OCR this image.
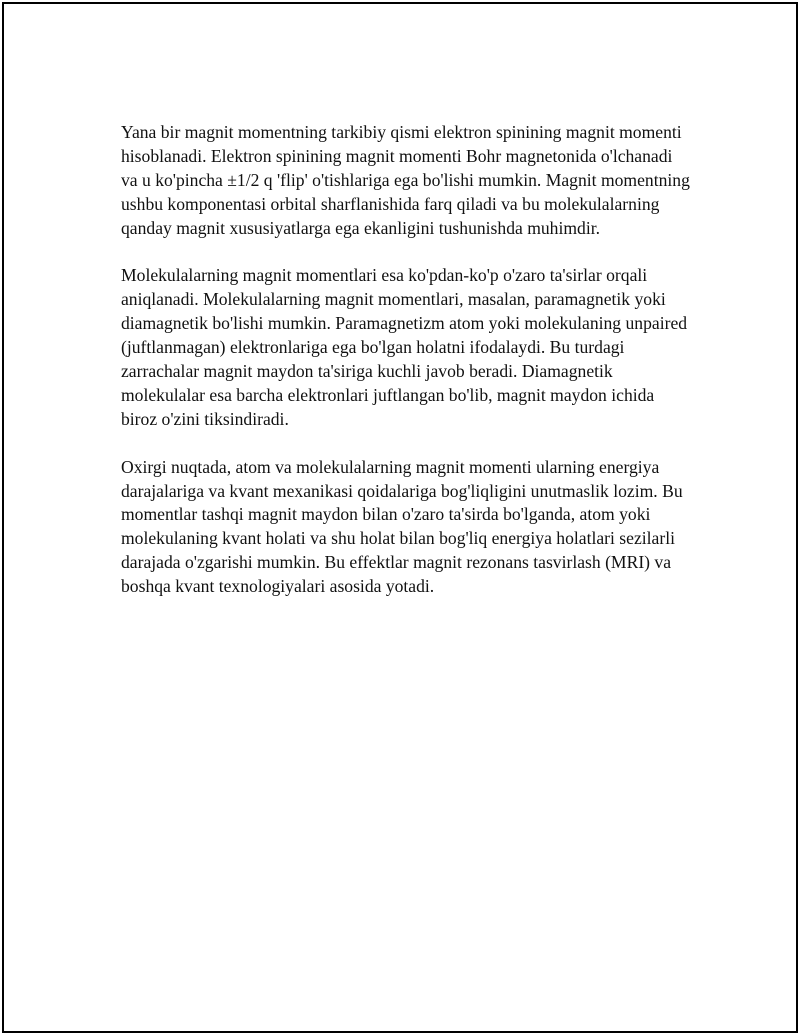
Yana bir magnit momentning tarkibiy qismi elektron spinining magnit momenti hisoblanadi. Elektron spinining magnit momenti Bohr magnetonida o'lchanadi va u ko'pincha ±1/2 q 'flip' o'tishlariga ega bo'lishi mumkin. Magnit momentning ushbu komponentasi orbital sharflanishida farq qiladi va bu molekulalarning qanday magnit xususiyatlarga ega ekanligini tushunishda muhimdir.

Molekulalarning magnit momentlari esa ko'pdan-ko'p o'zaro ta'sirlar orqali aniqlanadi. Molekulalarning magnit momentlari, masalan, paramagnetik yoki diamagnetik bo'lishi mumkin. Paramagnetizm atom yoki molekulaning unpaired (juftlanmagan) elektronlariga ega bo'lgan holatni ifodalaydi. Bu turdagi zarrachalar magnit maydon ta'siriga kuchli javob beradi. Diamagnetik molekulalar esa barcha elektronlari juftlangan bo'lib, magnit maydon ichida biroz o'zini tiksindiradi.

Oxirgi nuqtada, atom va molekulalarning magnit momenti ularning energiya darajalariga va kvant mexanikasi qoidalariga bog'liqligini unutmaslik lozim. Bu momentlar tashqi magnit maydon bilan o'zaro ta'sirda bo'lganda, atom yoki molekulaning kvant holati va shu holat bilan bog'liq energiya holatlari sezilarli darajada o'zgarishi mumkin. Bu effektlar magnit rezonans tasvirlash (MRI) va boshqa kvant texnologiyalari asosida yotadi.
